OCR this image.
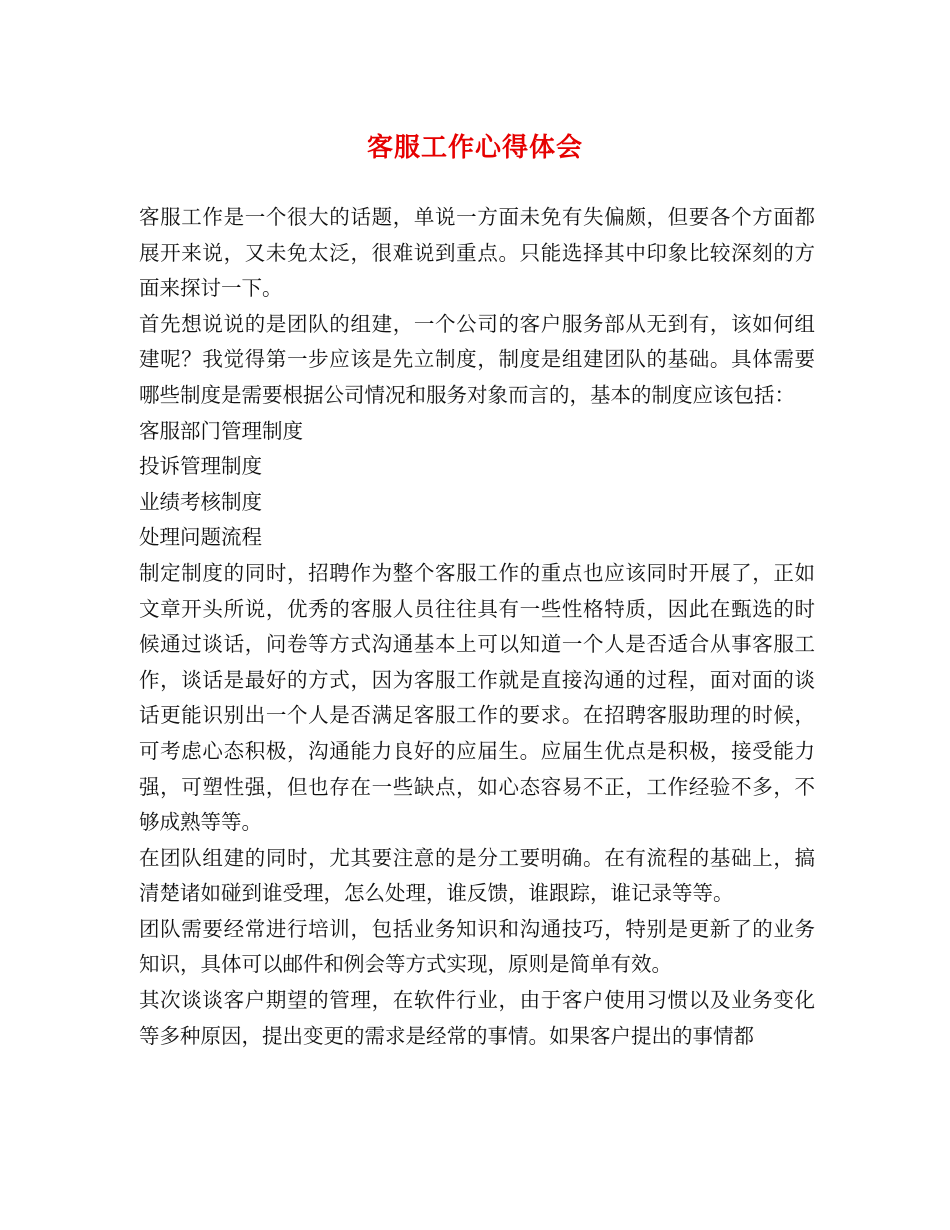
客服工作心得体会

客服工作是一个很大的话题，单说一方面未免有失偏颇，但要各个方面都展开来说，又未免太泛，很难说到重点。只能选择其中印象比较深刻的方面来探讨一下。

首先想说说的是团队的组建，一个公司的客户服务部从无到有，该如何组建呢？我觉得第一步应该是先立制度，制度是组建团队的基础。具体需要哪些制度是需要根据公司情况和服务对象而言的，基本的制度应该包括：

客服部门管理制度

投诉管理制度

业绩考核制度

处理问题流程

制定制度的同时，招聘作为整个客服工作的重点也应该同时开展了，正如文章开头所说，优秀的客服人员往往具有一些性格特质，因此在甄选的时候通过谈话，问卷等方式沟通基本上可以知道一个人是否适合从事客服工作，谈话是最好的方式，因为客服工作就是直接沟通的过程，面对面的谈话更能识别出一个人是否满足客服工作的要求。在招聘客服助理的时候，可考虑心态积极，沟通能力良好的应届生。应届生优点是积极，接受能力强，可塑性强，但也存在一些缺点，如心态容易不正，工作经验不多，不够成熟等等。

在团队组建的同时，尤其要注意的是分工要明确。在有流程的基础上，搞清楚诸如碰到谁受理，怎么处理，谁反馈，谁跟踪，谁记录等等。

团队需要经常进行培训，包括业务知识和沟通技巧，特别是更新了的业务知识，具体可以邮件和例会等方式实现，原则是简单有效。

其次谈谈客户期望的管理，在软件行业，由于客户使用习惯以及业务变化等多种原因，提出变更的需求是经常的事情。如果客户提出的事情都
